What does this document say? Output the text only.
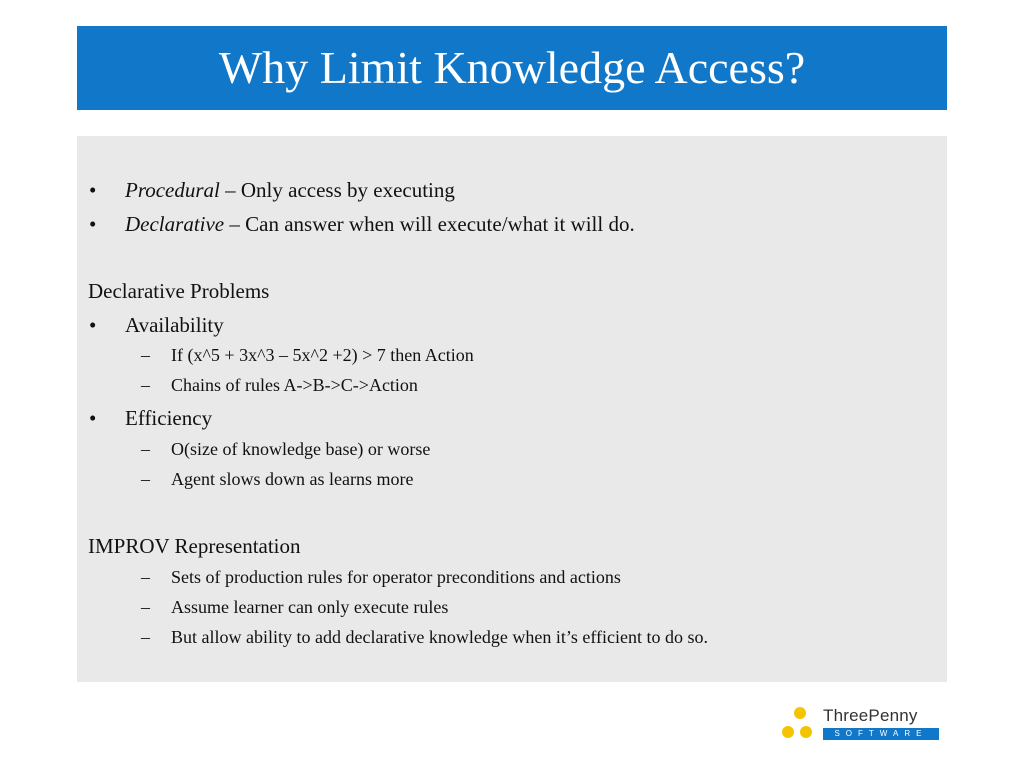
Why Limit Knowledge Access?
• Procedural – Only access by executing
• Declarative – Can answer when will execute/what it will do.
Declarative Problems
• Availability
– If (x^5 + 3x^3 – 5x^2 +2) > 7 then Action
– Chains of rules A->B->C->Action
• Efficiency
– O(size of knowledge base) or worse
– Agent slows down as learns more
IMPROV Representation
– Sets of production rules for operator preconditions and actions
– Assume learner can only execute rules
– But allow ability to add declarative knowledge when it’s efficient to do so.
ThreePenny
SOFTWARE
